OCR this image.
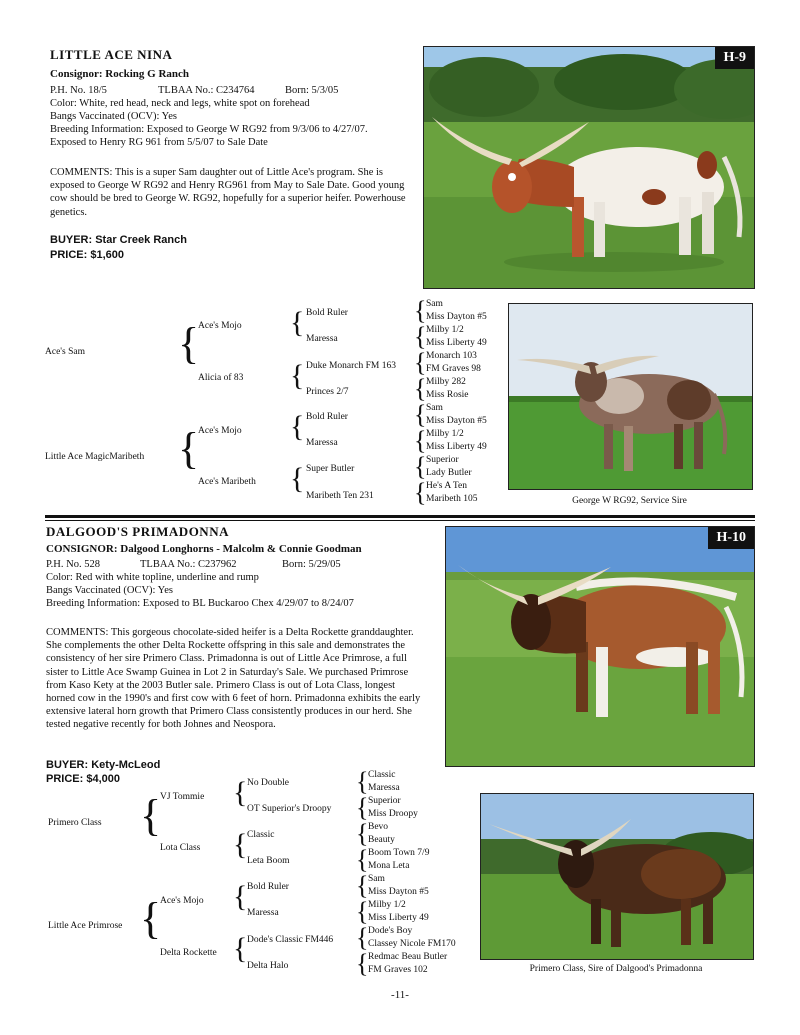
LITTLE ACE NINA
Consignor: Rocking G Ranch
P.H. No. 18/5	TLBAA No.: C234764	Born: 5/3/05
Color: White, red head, neck and legs, white spot on forehead
Bangs Vaccinated (OCV): Yes
Breeding Information: Exposed to George W RG92 from 9/3/06 to 4/27/07.
Exposed to Henry RG 961 from 5/5/07 to Sale Date
COMMENTS: This is a super Sam daughter out of Little Ace's program. She is exposed to George W RG92 and Henry RG961 from May to Sale Date. Good young cow should be bred to George W. RG92, hopefully for a superior heifer. Powerhouse genetics.
BUYER: Star Creek Ranch
PRICE: $1,600
H-9
Ace's Sam
Little Ace MagicMaribeth
{
{
Ace's Mojo
Alicia of 83
Ace's Mojo
Ace's Maribeth
{
{
{
{
Bold Ruler
Maressa
Duke Monarch FM 163
Princes 2/7
Bold Ruler
Maressa
Super Butler
Maribeth Ten 231
{
{
{
{
{
{
{
{
Sam
Miss Dayton #5
Milby 1/2
Miss Liberty 49
Monarch 103
FM Graves 98
Milby 282
Miss Rosie
Sam
Miss Dayton #5
Milby 1/2
Miss Liberty 49
Superior
Lady Butler
He's A Ten
Maribeth 105	George W RG92, Service Sire
DALGOOD'S PRIMADONNA
CONSIGNOR: Dalgood Longhorns - Malcolm & Connie Goodman
P.H. No. 528	TLBAA No.: C237962	Born: 5/29/05
Color: Red with white topline, underline and rump
Bangs Vaccinated (OCV): Yes
Breeding Information: Exposed to BL Buckaroo Chex 4/29/07 to 8/24/07
COMMENTS: This gorgeous chocolate-sided heifer is a Delta Rockette granddaughter. She complements the other Delta Rockette offspring in this sale and demonstrates the consistency of her sire Primero Class. Primadonna is out of Little Ace Primrose, a full sister to Little Ace Swamp Guinea in Lot 2 in Saturday's Sale. We purchased Primrose from Kaso Kety at the 2003 Butler sale. Primero Class is out of Lota Class, longest horned cow in the 1990's and first cow with 6 feet of horn. Primadonna exhibits the early extensive lateral horn growth that Primero Class consistently produces in our herd. She tested negative recently for both Johnes and Neospora.
BUYER: Kety-McLeod
PRICE: $4,000
H-10
Primero Class
Little Ace Primrose
{
{
VJ Tommie
Lota Class
Ace's Mojo
Delta Rockette
{
{
{
{
No Double
OT Superior's Droopy
Classic
Leta Boom
Bold Ruler
Maressa
Dode's Classic FM446
Delta Halo
{
{
{
{
{
{
{
{
Classic
Maressa
Superior
Miss Droopy
Bevo
Beauty
Boom Town 7/9
Mona Leta
Sam
Miss Dayton #5
Milby 1/2
Miss Liberty 49
Dode's Boy
Classey Nicole FM170
Redmac Beau Butler
FM Graves 102	Primero Class, Sire of Dalgood's Primadonna
-11-
